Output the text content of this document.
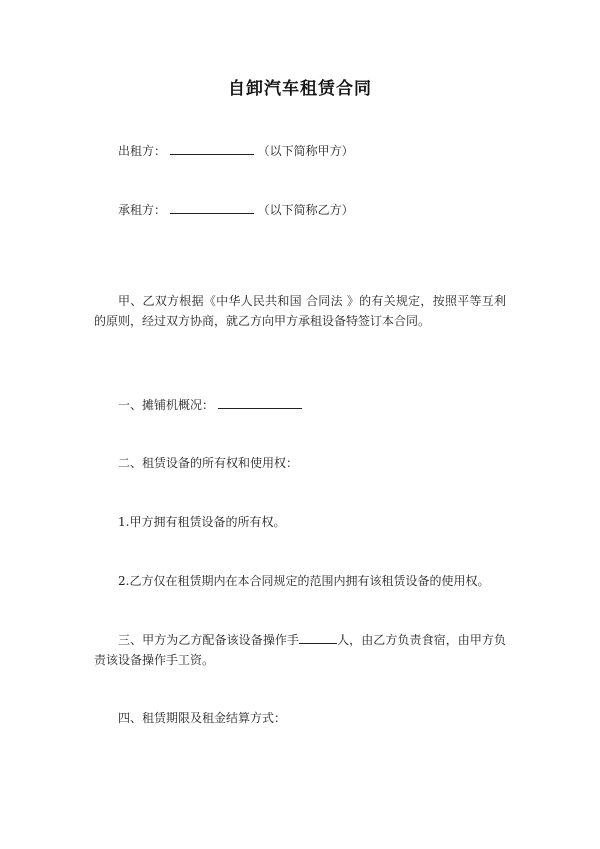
自卸汽车租赁合同
出租方：	（以下简称甲方）
承租方：	（以下简称乙方）
甲、乙双方根据《中华人民共和国 合同法 》的有关规定，按照平等互利的原则，经过双方协商，就乙方向甲方承租设备特签订本合同。
一、摊铺机概况：
二、租赁设备的所有权和使用权：
1.甲方拥有租赁设备的所有权。
2.乙方仅在租赁期内在本合同规定的范围内拥有该租赁设备的使用权。
三、甲方为乙方配备该设备操作手	人，由乙方负责食宿，由甲方负责该设备操作手工资。
四、租赁期限及租金结算方式：
